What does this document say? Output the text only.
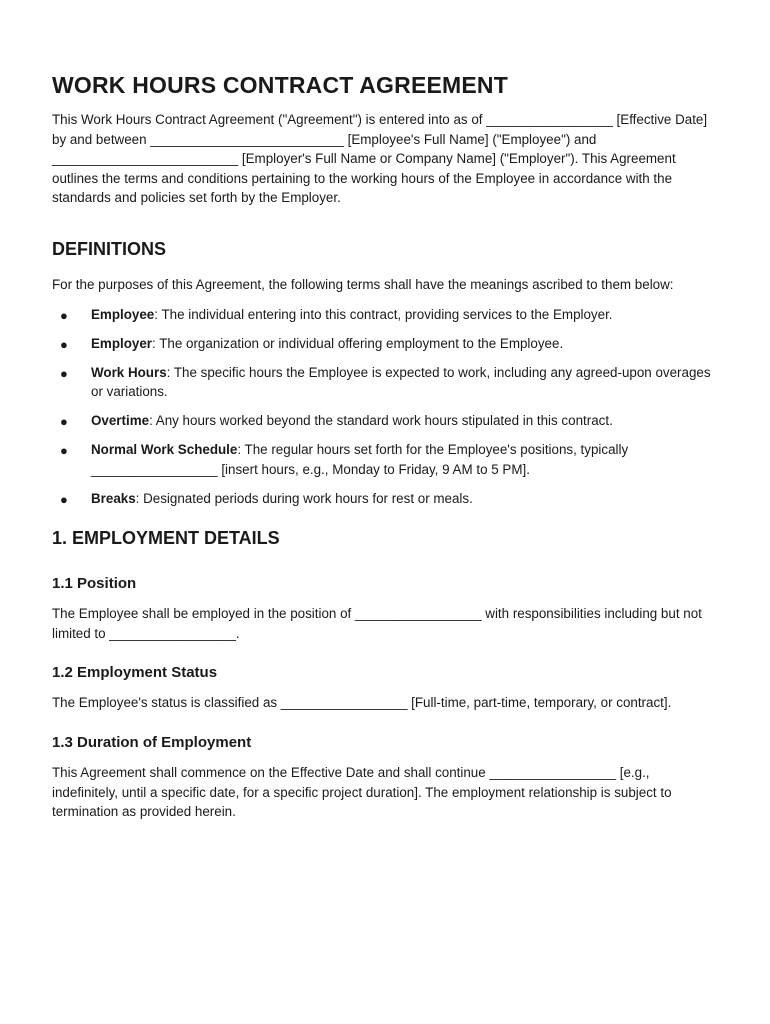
WORK HOURS CONTRACT AGREEMENT

This Work Hours Contract Agreement ("Agreement") is entered into as of _________________ [Effective Date] by and between __________________________ [Employee's Full Name] ("Employee") and _________________________ [Employer's Full Name or Company Name] ("Employer"). This Agreement outlines the terms and conditions pertaining to the working hours of the Employee in accordance with the standards and policies set forth by the Employer.

DEFINITIONS

For the purposes of this Agreement, the following terms shall have the meanings ascribed to them below:

● Employee: The individual entering into this contract, providing services to the Employer.
● Employer: The organization or individual offering employment to the Employee.
● Work Hours: The specific hours the Employee is expected to work, including any agreed-upon overages or variations.
● Overtime: Any hours worked beyond the standard work hours stipulated in this contract.
● Normal Work Schedule: The regular hours set forth for the Employee's positions, typically _________________ [insert hours, e.g., Monday to Friday, 9 AM to 5 PM].
● Breaks: Designated periods during work hours for rest or meals.
1. EMPLOYMENT DETAILS
1.1 Position

The Employee shall be employed in the position of _________________ with responsibilities including but not limited to _________________.

1.2 Employment Status

The Employee's status is classified as _________________ [Full-time, part-time, temporary, or contract].

1.3 Duration of Employment

This Agreement shall commence on the Effective Date and shall continue _________________ [e.g., indefinitely, until a specific date, for a specific project duration]. The employment relationship is subject to termination as provided herein.
